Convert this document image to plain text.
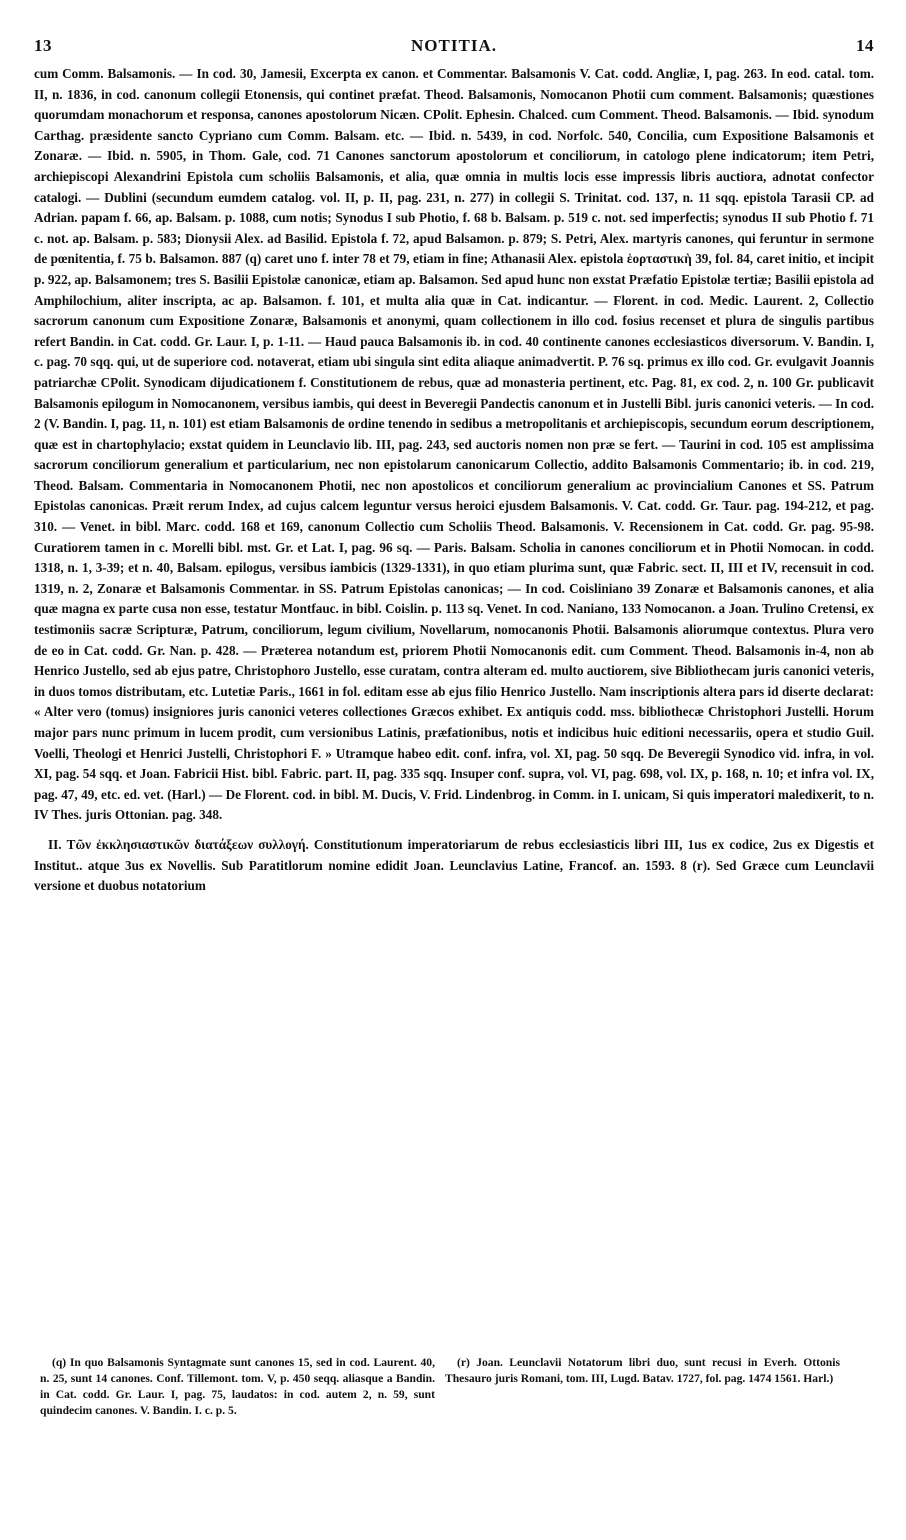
13	NOTITIA.	14

cum Comm. Balsamonis. — In cod. 30, Jamesii, Excerpta ex canon. et Commentar. Balsamonis V. Cat. codd. Angliæ, I, pag. 263. In eod. catal. tom. II, n. 1836, in cod. canonum collegii Etonensis, qui continet præfat. Theod. Balsamonis, Nomocanon Photii cum comment. Balsamonis; quæstiones quorumdam monachorum et responsa, canones apostolorum Nicæn. CPolit. Ephesin. Chalced. cum Comment. Theod. Balsamonis. — Ibid. synodum Carthag. præsidente sancto Cypriano cum Comm. Balsam. etc. — Ibid. n. 5439, in cod. Norfolc. 540, Concilia, cum Expositione Balsamonis et Zonaræ. — Ibid. n. 5905, in Thom. Gale, cod. 71 Canones sanctorum apostolorum et conciliorum, in catologo plene indicatorum; item Petri, archiepiscopi Alexandrini Epistola cum scholiis Balsamonis, et alia, quæ omnia in multis locis esse impressis libris auctiora, adnotat confector catalogi. — Dublini (secundum eumdem catalog. vol. II, p. II, pag. 231, n. 277) in collegii S. Trinitat. cod. 137, n. 11 sqq. epistola Tarasii CP. ad Adrian. papam f. 66, ap. Balsam. p. 1088, cum notis; Synodus I sub Photio, f. 68 b. Balsam. p. 519 c. not. sed imperfectis; synodus II sub Photio f. 71 c. not. ap. Balsam. p. 583; Dionysii Alex. ad Basilid. Epistola f. 72, apud Balsamon. p. 879; S. Petri, Alex. martyris canones, qui feruntur in sermone de pœnitentia, f. 75 b. Balsamon. 887 (q) caret uno f. inter 78 et 79, etiam in fine; Athanasii Alex. epistola ἑορταστικὴ 39, fol. 84, caret initio, et incipit p. 922, ap. Balsamonem; tres S. Basilii Epistolæ canonicæ, etiam ap. Balsamon. Sed apud hunc non exstat Præfatio Epistolæ tertiæ; Basilii epistola ad Amphilochium, aliter inscripta, ac ap. Balsamon. f. 101, et multa alia quæ in Cat. indicantur. — Florent. in cod. Medic. Laurent. 2, Collectio sacrorum canonum cum Expositione Zonaræ, Balsamonis et anonymi, quam collectionem in illo cod. fosius recenset et plura de singulis partibus refert Bandin. in Cat. codd. Gr. Laur. I, p. 1-11. — Haud pauca Balsamonis ib. in cod. 40 continente canones ecclesiasticos diversorum. V. Bandin. I, c. pag. 70 sqq. qui, ut de superiore cod. notaverat, etiam ubi singula sint edita aliaque animadvertit. P. 76 sq. primus ex illo cod. Gr. evulgavit Joannis patriarchæ CPolit. Synodicam dijudicationem f. Constitutionem de rebus, quæ ad monasteria pertinent, etc. Pag. 81, ex cod. 2, n. 100 Gr. publicavit Balsamonis epilogum in Nomocanonem, versibus iambis, qui deest in Beveregii Pandectis canonum et in Justelli Bibl. juris canonici veteris. — In cod. 2 (V. Bandin. I, pag. 11, n. 101) est etiam Balsamonis de ordine tenendo in sedibus a metropolitanis et archiepiscopis, secundum eorum descriptionem, quæ est in chartophylacio; exstat quidem in Leunclavio lib. III, pag. 243, sed auctoris nomen non præ se fert. — Taurini in cod. 105 est amplissima sacrorum conciliorum generalium et particularium, nec non epistolarum canonicarum Collectio, addito Balsamonis Commentario; ib. in cod. 219, Theod. Balsam. Commentaria in Nomocanonem Photii, nec non apostolicos et conciliorum generalium ac provincialium Canones et SS. Patrum Epistolas canonicas. Præit rerum Index, ad cujus calcem leguntur versus heroici ejusdem Balsamonis. V. Cat. codd. Gr. Taur. pag. 194-212, et pag. 310. — Venet. in bibl. Marc. codd. 168 et 169, canonum Collectio cum Scholiis Theod. Balsamonis. V. Recensionem in Cat. codd. Gr. pag. 95-98. Curatiorem tamen in c. Morelli bibl. mst. Gr. et Lat. I, pag. 96 sq. — Paris. Balsam. Scholia in canones conciliorum et in Photii Nomocan. in codd. 1318, n. 1, 3-39; et n. 40, Balsam. epilogus, versibus iambicis (1329-1331), in quo etiam plurima sunt, quæ Fabric. sect. II, III et IV, recensuit in cod. 1319, n. 2, Zonaræ et Balsamonis Commentar. in SS. Patrum Epistolas canonicas; — In cod. Coisliniano 39 Zonaræ et Balsamonis canones, et alia quæ magna ex parte cusa non esse, testatur Montfauc. in bibl. Coislin. p. 113 sq. Venet. In cod. Naniano, 133 Nomocanon. a Joan. Trulino Cretensi, ex testimoniis sacræ Scripturæ, Patrum, conciliorum, legum civilium, Novellarum, nomocanonis Photii. Balsamonis aliorumque contextus. Plura vero de eo in Cat. codd. Gr. Nan. p. 428. — Præterea notandum est, priorem Photii Nomocanonis edit. cum Comment. Theod. Balsamonis in-4, non ab Henrico Justello, sed ab ejus patre, Christophoro Justello, esse curatam, contra alteram ed. multo auctiorem, sive Bibliothecam juris canonici veteris, in duos tomos distributam, etc. Lutetiæ Paris., 1661 in fol. editam esse ab ejus filio Henrico Justello. Nam inscriptionis altera pars id diserte declarat: « Alter vero (tomus) insigniores juris canonici veteres collectiones Græcos exhibet. Ex antiquis codd. mss. bibliothecæ Christophori Justelli. Horum major pars nunc primum in lucem prodit, cum versionibus Latinis, præfationibus, notis et indicibus huic editioni necessariis, opera et studio Guil. Voelli, Theologi et Henrici Justelli, Christophori F. » Utramque habeo edit. conf. infra, vol. XI, pag. 50 sqq. De Beveregii Synodico vid. infra, in vol. XI, pag. 54 sqq. et Joan. Fabricii Hist. bibl. Fabric. part. II, pag. 335 sqq. Insuper conf. supra, vol. VI, pag. 698, vol. IX, p. 168, n. 10; et infra vol. IX, pag. 47, 49, etc. ed. vet. (Harl.) — De Florent. cod. in bibl. M. Ducis, V. Frid. Lindenbrog. in Comm. in I. unicam, Si quis imperatori maledixerit, to n. IV Thes. juris Ottonian. pag. 348.

II. Τῶν ἐκκλησιαστικῶν διατάξεων συλλογή. Constitutionum imperatoriarum de rebus ecclesiasticis libri III, 1us ex codice, 2us ex Digestis et Institut.. atque 3us ex Novellis. Sub Paratitlorum nomine edidit Joan. Leunclavius Latine, Francof. an. 1593. 8 (r). Sed Græce cum Leunclavii versione et duobus notatorium

(q) In quo Balsamonis Syntagmate sunt canones 15, sed in cod. Laurent. 40, n. 25, sunt 14 canones. Conf. Tillemont. tom. V, p. 450 seqq. aliasque a Bandin. in Cat. codd. Gr. Laur. I, pag. 75, laudatos: in cod. autem 2, n. 59, sunt quindecim canones. V. Bandin. I. c. p. 5.

(r) Joan. Leunclavii Notatorum libri duo, sunt recusi in Everh. Ottonis Thesauro juris Romani, tom. III, Lugd. Batav. 1727, fol. pag. 1474 1561. Harl.)
